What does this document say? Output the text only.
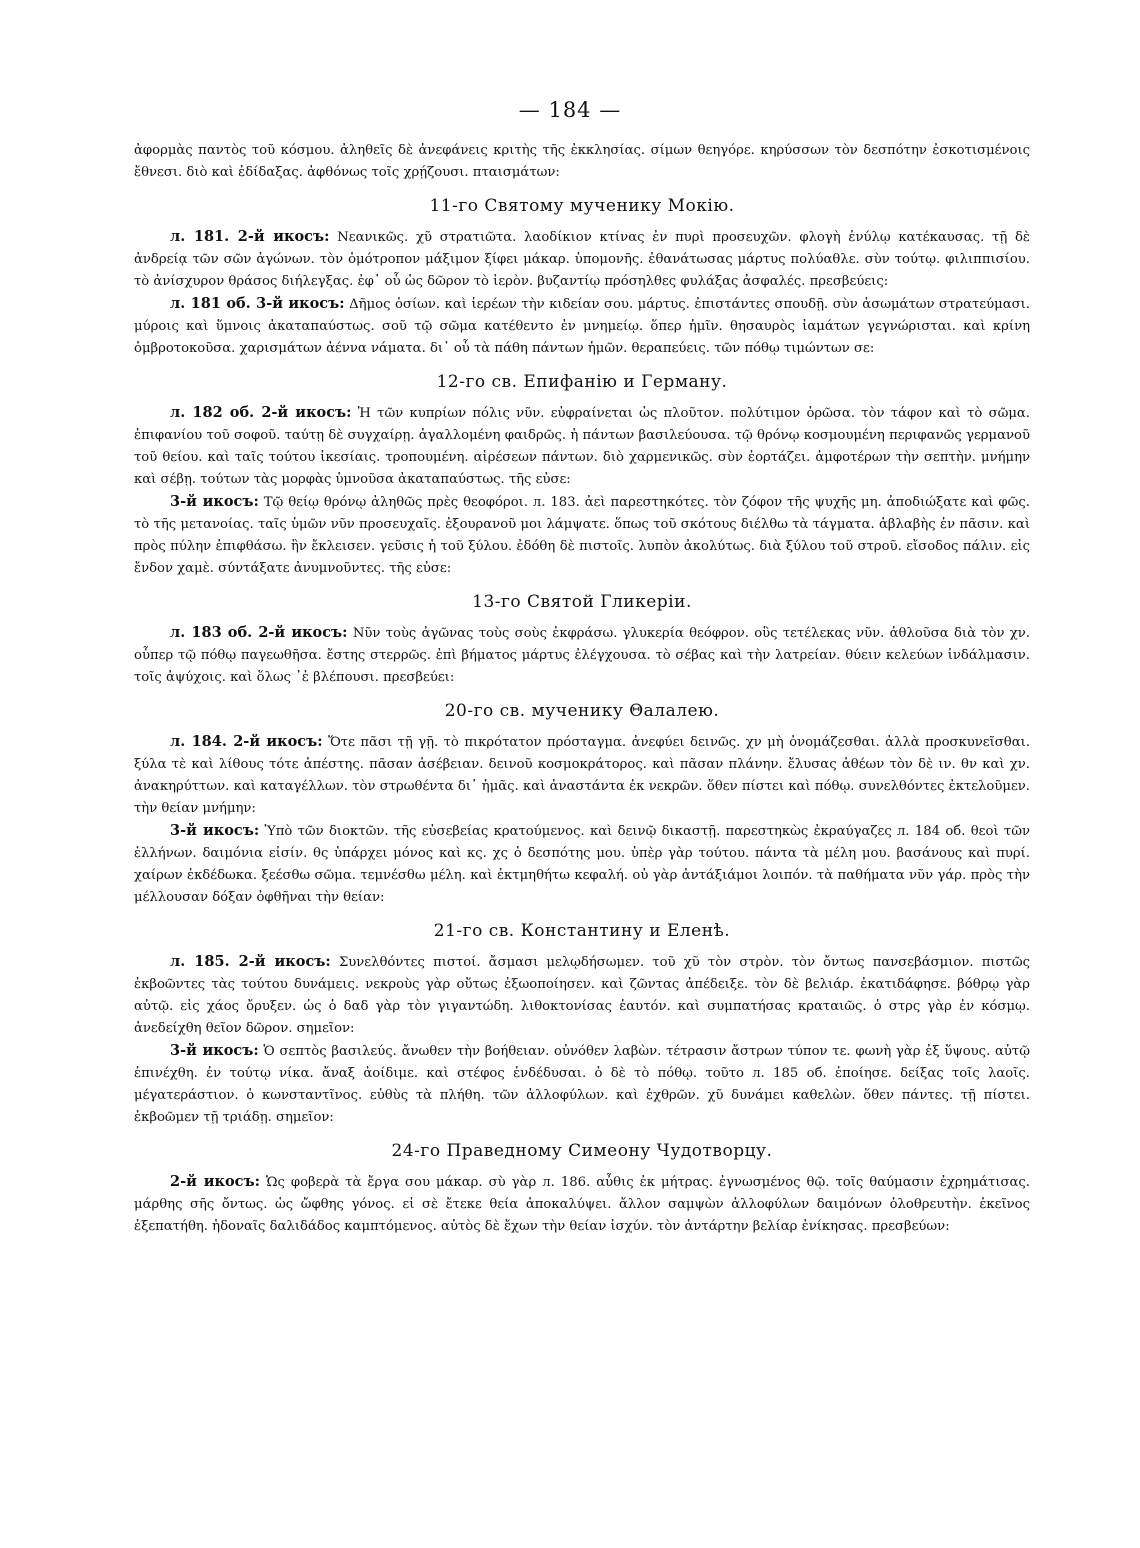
— 184 —

ἀφορμὰς παντὸς τοῦ κόσμου. ἀληθεῖς δὲ ἀνεφάνεις κριτὴς τῆς ἐκκλησίας. σίμων θεηγόρε. κηρύσσων τὸν δεσπότην ἐσκοτισμένοις ἔθνεσι. διὸ καὶ ἐδίδαξας. ἀφθόνως τοῖς χρῄζουσι. πταισμάτων:

11-го Святому мученику Мокію.

л. 181. 2-й икосъ: Νεανικῶς. χῦ στρατιῶτα. λαοδίκιον κτίνας ἐν πυρὶ προσευχῶν. φλογὴ ἐνύλῳ κατέκαυσας. τῇ δὲ ἀνδρείᾳ τῶν σῶν ἀγώνων. τὸν ὁμότροπον μάξιμον ξίφει μάκαρ. ὑπομονῆς. ἐθανάτωσας μάρτυς πολύαθλε. σὺν τούτῳ. φιλιππισίου. τὸ ἀνίσχυρον θράσος διήλεγξας. ἐφ᾽ οὗ ὡς δῶρον τὸ ἱερὸν. βυζαντίῳ πρόσηλθες φυλάξας ἀσφαλές. πρεσβεύεις:

л. 181 об. 3-й икосъ: Δῆμος ὁσίων. καὶ ἱερέων τὴν κιδείαν σου. μάρτυς. ἐπιστάντες σπουδῇ. σὺν ἀσωμάτων στρατεύμασι. μύροις καὶ ὕμνοις ἀκαταπαύστως. σοῦ τῷ σῶμα κατέθεντο ἐν μνημείῳ. ὅπερ ἡμῖν. θησαυρὸς ἰαμάτων γεγνώρισται. καὶ κρίνη ὀμβροτοκοῦσα. χαρισμάτων ἀέννα νάματα. δι᾽ οὗ τὰ πάθη πάντων ἡμῶν. θεραπεύεις. τῶν πόθῳ τιμώντων σε:

12-го св. Епифанію и Герману.

л. 182 об. 2-й икосъ: Ἡ τῶν κυπρίων πόλις νῦν. εὐφραίνεται ὡς πλοῦτον. πολύτιμον ὁρῶσα. τὸν τάφον καὶ τὸ σῶμα. ἐπιφανίου τοῦ σοφοῦ. ταύτῃ δὲ συγχαίρῃ. ἀγαλλομένη φαιδρῶς. ἡ πάντων βασιλεύουσα. τῷ θρόνῳ κοσμουμένη περιφανῶς γερμανοῦ τοῦ θείου. καὶ ταῖς τούτου ἱκεσίαις. τροπουμένη. αἱρέσεων πάντων. διὸ χαρμενικῶς. σὺν ἑορτάζει. ἀμφοτέρων τὴν σεπτὴν. μνήμην καὶ σέβῃ. τούτων τὰς μορφὰς ὑμνοῦσα ἀκαταπαύστως. τῆς εὐσε:

3-й икосъ: Τῷ θείῳ θρόνῳ ἀληθῶς πρὲς θεοφόροι. л. 183. ἀεὶ παρεστηκότες. τὸν ζόφον τῆς ψυχῆς μη. ἀποδιώξατε καὶ φῶς. τὸ τῆς μετανοίας. ταῖς ὑμῶν νῦν προσευχαῖς. ἐξουρανοῦ μοι λάμψατε. ὅπως τοῦ σκότους διέλθω τὰ τάγματα. ἀβλαβὴς ἐν πᾶσιν. καὶ πρὸς πύλην ἐπιφθάσω. ἣν ἔκλεισεν. γεῦσις ἡ τοῦ ξύλου. ἐδόθη δὲ πιστοῖς. λυπὸν ἀκολύτως. διὰ ξύλου τοῦ στροῦ. εἴσοδος πάλιν. εἰς ἔνδον χαμὲ. σύντάξατε ἀνυμνοῦντες. τῆς εὐσε:

13-го Святой Гликеріи.

л. 183 об. 2-й икосъ: Νῦν τοὺς ἀγῶνας τοὺς σοὺς ἐκφράσω. γλυκερία θεόφρον. οὓς τετέλεκας νῦν. ἀθλοῦσα διὰ τὸν χν. οὗπερ τῷ πόθῳ παγεωθῆσα. ἔστης στερρῶς. ἐπὶ βήματος μάρτυς ἐλέγχουσα. τὸ σέβας καὶ τὴν λατρείαν. θύειν κελεύων ἰνδάλμασιν. τοῖς ἀψύχοις. καὶ ὅλως ᾽ἐ βλέπουσι. πρεσβεύει:

20-го св. мученику Θалалею.

л. 184. 2-й икосъ: Ὅτε πᾶσι τῇ γῇ. τὸ πικρότατον πρόσταγμα. ἀνεφύει δεινῶς. χν μὴ ὀνομάζεσθαι. ἀλλὰ προσκυνεῖσθαι. ξύλα τὲ καὶ λίθους τότε ἀπέστης. πᾶσαν ἀσέβειαν. δεινοῦ κοσμοκράτορος. καὶ πᾶσαν πλάνην. ἔλυσας ἀθέων τὸν δὲ ιν. θν καὶ χν. ἀνακηρύττων. καὶ καταγέλλων. τὸν στρωθέντα δι᾽ ἡμᾶς. καὶ ἀναστάντα ἐκ νεκρῶν. ὅθεν πίστει καὶ πόθῳ. συνελθόντες ἐκτελοῦμεν. τὴν θείαν μνήμην:

3-й икосъ: Ὑπὸ τῶν διοκτῶν. τῆς εὐσεβείας κρατούμενος. καὶ δεινῷ δικαστῇ. παρεστηκὼς ἐκραύγαζες л. 184 об. θεοὶ τῶν ἑλλήνων. δαιμόνια εἰσίν. θς ὑπάρχει μόνος καὶ κς. χς ὁ δεσπότης μου. ὑπὲρ γὰρ τούτου. πάντα τὰ μέλη μου. βασάνους καὶ πυρί. χαίρων ἐκδέδωκα. ξεέσθω σῶμα. τεμνέσθω μέλη. καὶ ἐκτμηθήτω κεφαλή. οὐ γὰρ ἀντάξιάμοι λοιπόν. τὰ παθήματα νῦν γάρ. πρὸς τὴν μέλλουσαν δόξαν ὀφθῆναι τὴν θείαν:

21-го св. Константину и Еленѣ.

л. 185. 2-й икосъ: Συνελθόντες πιστοί. ἄσμασι μελῳδήσωμεν. τοῦ χῦ τὸν στρὸν. τὸν ὄντως πανσεβάσμιον. πιστῶς ἐκβοῶντες τὰς τούτου δυνάμεις. νεκροὺς γὰρ οὕτως ἐξωοποίησεν. καὶ ζῶντας ἀπέδειξε. τὸν δὲ βελιάρ. ἐκατιδάφησε. βόθρῳ γὰρ αὐτῷ. εἰς χάος ὄρυξεν. ὡς ὁ δαδ γὰρ τὸν γιγαντώδη. λιθοκτονίσας ἑαυτόν. καὶ συμπατήσας κραταιῶς. ὁ στρς γὰρ ἐν κόσμῳ. ἀνεδείχθη θεῖον δῶρον. σημεῖον:

3-й икосъ: Ὁ σεπτὸς βασιλεύς. ἄνωθεν τὴν βοήθειαν. οὐνόθεν λαβὼν. τέτρασιν ἄστρων τύπον τε. φωνὴ γὰρ ἐξ ὕψους. αὐτῷ ἐπινέχθη. ἐν τούτῳ νίκα. ἄναξ ἀοίδιμε. καὶ στέφος ἐνδέδυσαι. ὁ δὲ τὸ πόθῳ. τοῦτο л. 185 об. ἐποίησε. δείξας τοῖς λαοῖς. μέγατεράστιον. ὁ κωνσταντῖνος. εὐθὺς τὰ πλήθη. τῶν ἀλλοφύλων. καὶ ἐχθρῶν. χῦ δυνάμει καθελὼν. ὅθεν πάντες. τῇ πίστει. ἐκβοῶμεν τῇ τριάδῃ. σημεῖον:

24-го Праведному Симеону Чудотворцу.

2-й икосъ: Ὡς φοβερὰ τὰ ἔργα σου μάκαρ. σὺ γὰρ л. 186. αὖθις ἐκ μήτρας. ἐγνωσμένος θῷ. τοῖς θαύμασιν ἐχρημάτισας. μάρθης σῆς ὄντως. ὡς ὤφθης γόνος. εἰ σὲ ἔτεκε θεία ἀποκαλύψει. ἄλλον σαμψὼν ἀλλοφύλων δαιμόνων ὀλοθρευτὴν. ἐκεῖνος ἐξεπατήθη. ἡδοναῖς δαλιδάδος καμπτόμενος. αὐτὸς δὲ ἔχων τὴν θείαν ἰσχύν. τὸν ἀντάρτην βελίαρ ἐνίκησας. πρεσβεύων:
